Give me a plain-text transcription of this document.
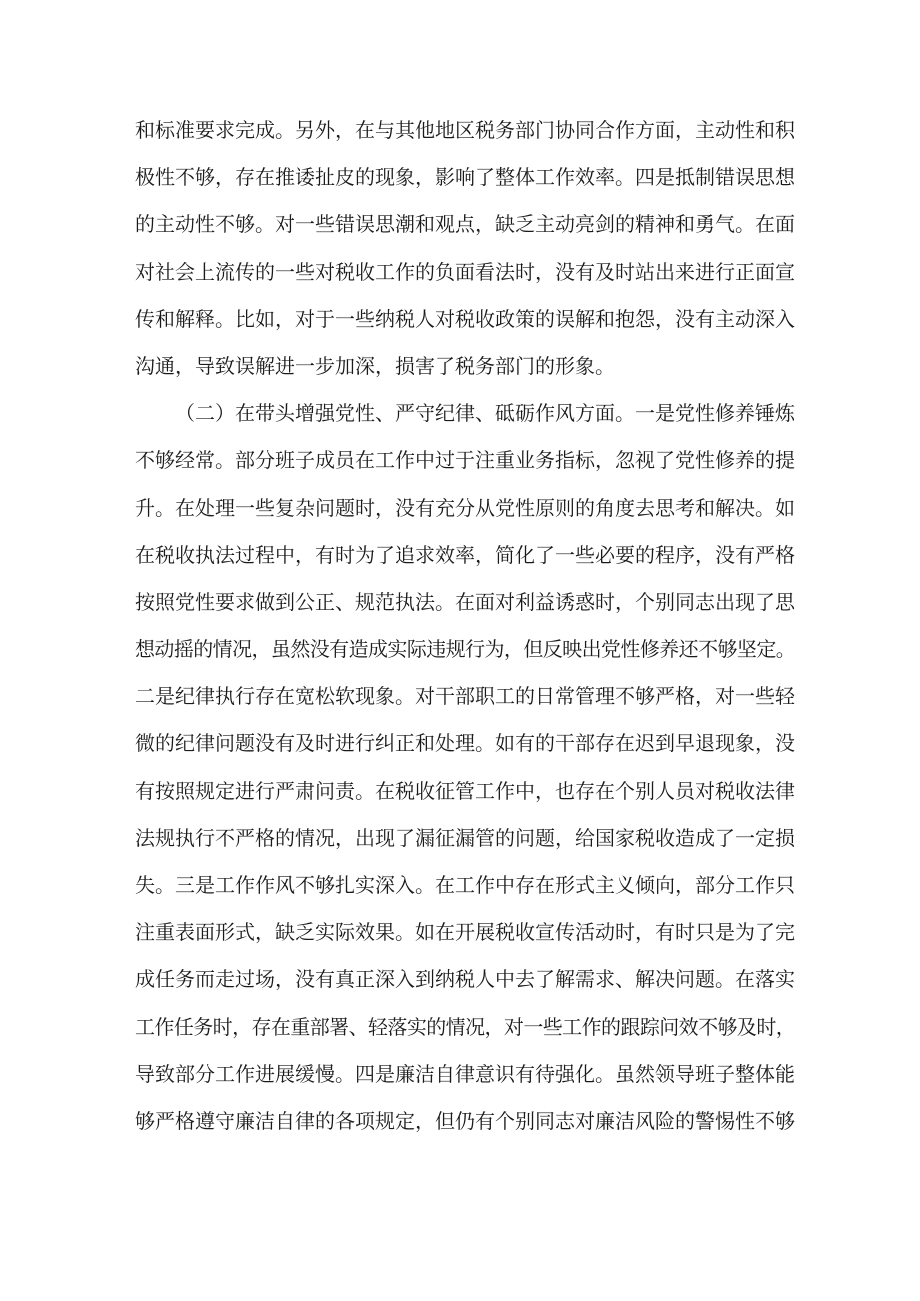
和标准要求完成。另外，在与其他地区税务部门协同合作方面，主动性和积
极性不够，存在推诿扯皮的现象，影响了整体工作效率。四是抵制错误思想
的主动性不够。对一些错误思潮和观点，缺乏主动亮剑的精神和勇气。在面
对社会上流传的一些对税收工作的负面看法时，没有及时站出来进行正面宣
传和解释。比如，对于一些纳税人对税收政策的误解和抱怨，没有主动深入
沟通，导致误解进一步加深，损害了税务部门的形象。
（二）在带头增强党性、严守纪律、砥砺作风方面。一是党性修养锤炼
不够经常。部分班子成员在工作中过于注重业务指标，忽视了党性修养的提
升。在处理一些复杂问题时，没有充分从党性原则的角度去思考和解决。如
在税收执法过程中，有时为了追求效率，简化了一些必要的程序，没有严格
按照党性要求做到公正、规范执法。在面对利益诱惑时，个别同志出现了思
想动摇的情况，虽然没有造成实际违规行为，但反映出党性修养还不够坚定。
二是纪律执行存在宽松软现象。对干部职工的日常管理不够严格，对一些轻
微的纪律问题没有及时进行纠正和处理。如有的干部存在迟到早退现象，没
有按照规定进行严肃问责。在税收征管工作中，也存在个别人员对税收法律
法规执行不严格的情况，出现了漏征漏管的问题，给国家税收造成了一定损
失。三是工作作风不够扎实深入。在工作中存在形式主义倾向，部分工作只
注重表面形式，缺乏实际效果。如在开展税收宣传活动时，有时只是为了完
成任务而走过场，没有真正深入到纳税人中去了解需求、解决问题。在落实
工作任务时，存在重部署、轻落实的情况，对一些工作的跟踪问效不够及时，
导致部分工作进展缓慢。四是廉洁自律意识有待强化。虽然领导班子整体能
够严格遵守廉洁自律的各项规定，但仍有个别同志对廉洁风险的警惕性不够
